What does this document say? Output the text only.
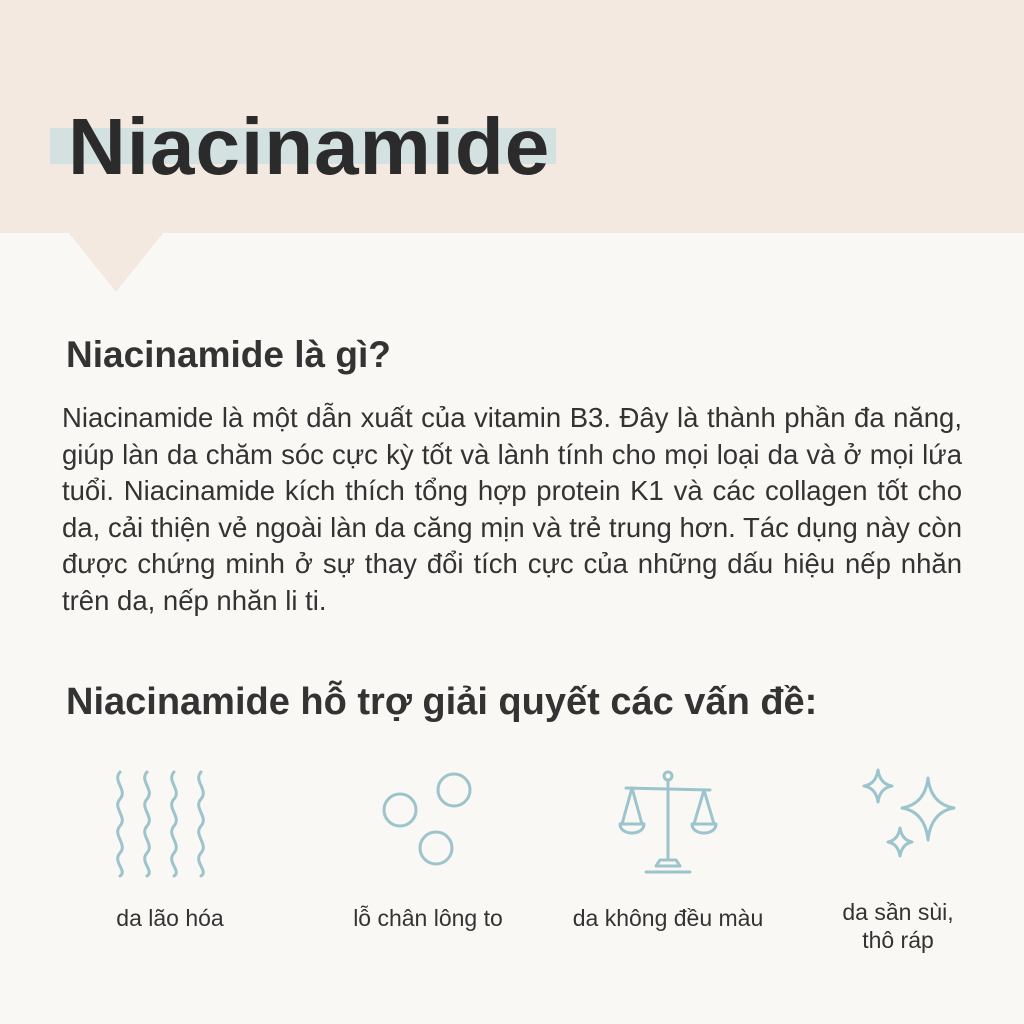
Niacinamide
Niacinamide là gì?

Niacinamide là một dẫn xuất của vitamin B3. Đây là thành phần đa năng, giúp làn da chăm sóc cực kỳ tốt và lành tính cho mọi loại da và ở mọi lứa tuổi. Niacinamide kích thích tổng hợp protein K1 và các collagen tốt cho da, cải thiện vẻ ngoài làn da căng mịn và trẻ trung hơn. Tác dụng này còn được chứng minh ở sự thay đổi tích cực của những dấu hiệu nếp nhăn trên da, nếp nhăn li ti.

Niacinamide hỗ trợ giải quyết các vấn đề:
da lão hóa	lỗ chân lông to	da không đều màu	da sần sùi,
thô ráp
